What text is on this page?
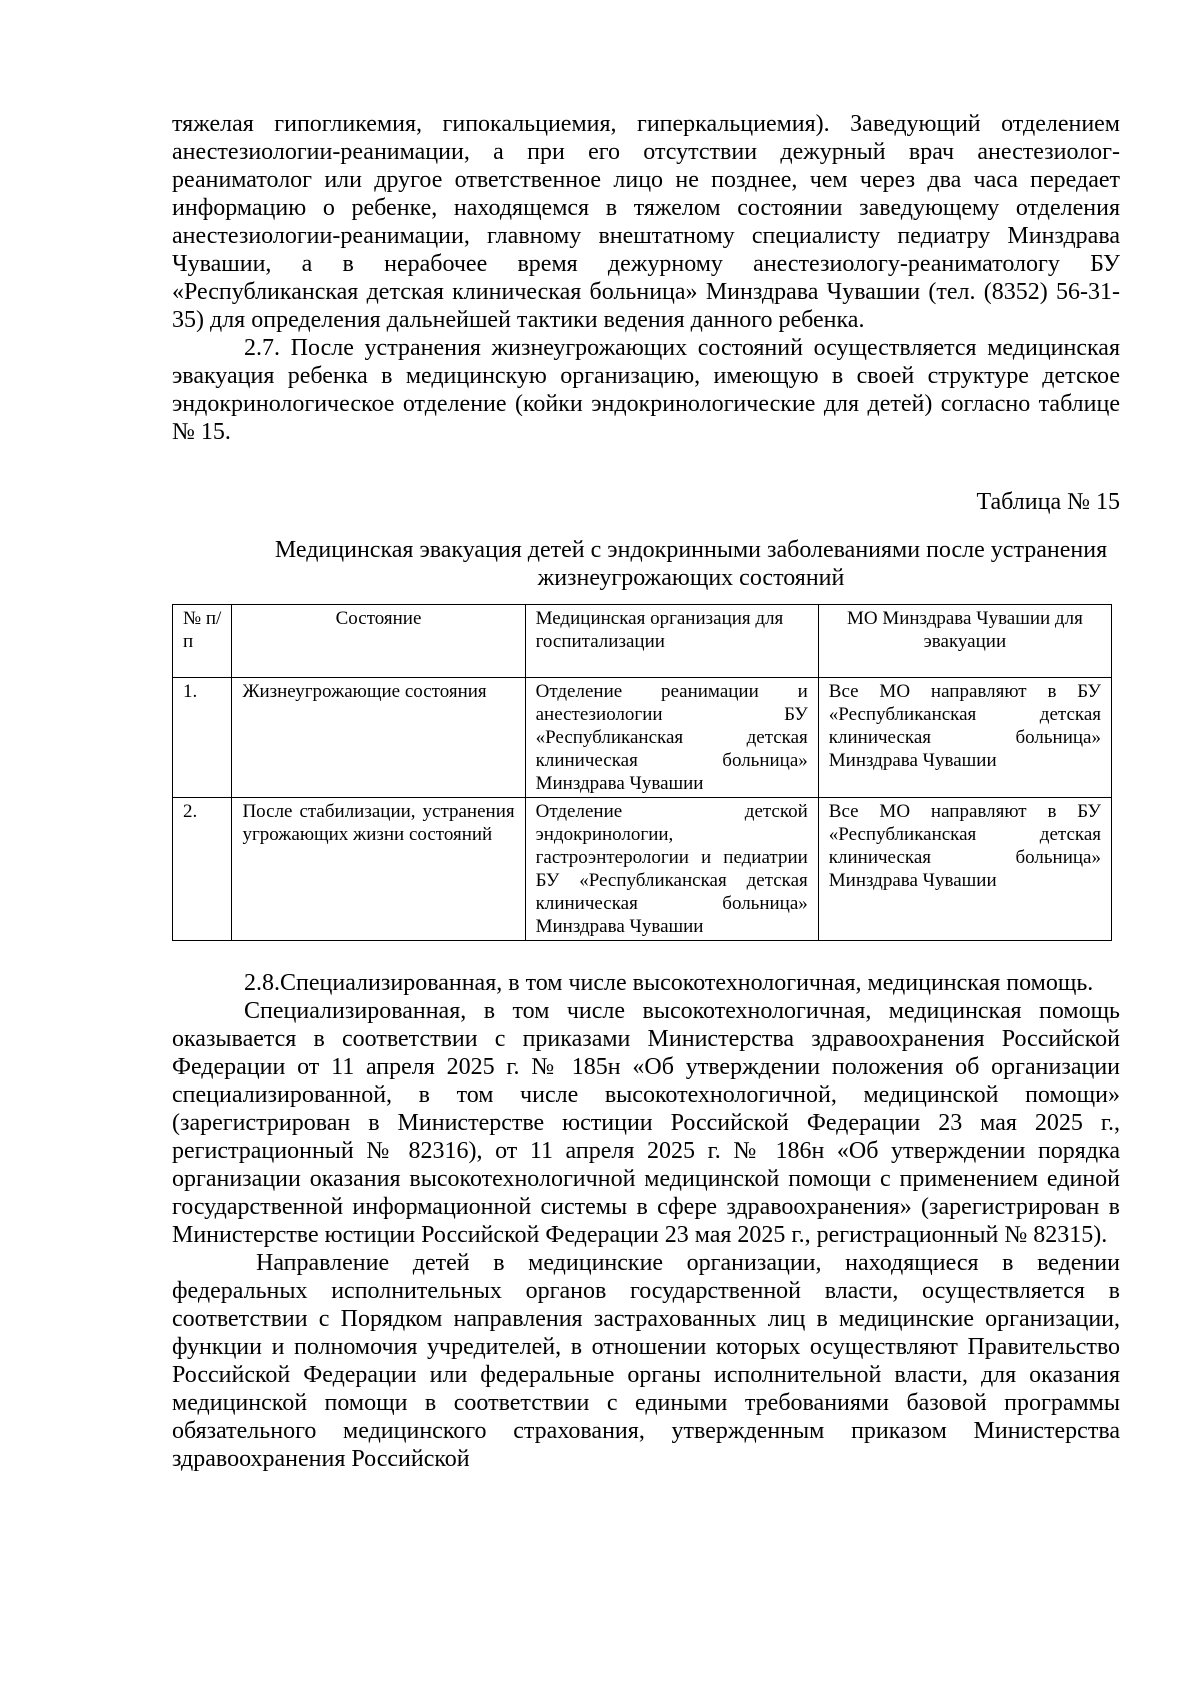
тяжелая гипогликемия, гипокальциемия, гиперкальциемия). Заведующий отделением анестезиологии-реанимации, а при его отсутствии дежурный врач анестезиолог-реаниматолог или другое ответственное лицо не позднее, чем через два часа передает информацию о ребенке, находящемся в тяжелом состоянии заведующему отделения анестезиологии-реанимации, главному внештатному специалисту педиатру Минздрава Чувашии, а в нерабочее время дежурному анестезиологу-реаниматологу БУ «Республиканская детская клиническая больница» Минздрава Чувашии (тел. (8352) 56-31-35) для определения дальнейшей тактики ведения данного ребенка.

2.7. После устранения жизнеугрожающих состояний осуществляется медицинская эвакуация ребенка в медицинскую организацию, имеющую в своей структуре детское эндокринологическое отделение (койки эндокринологические для детей) согласно таблице № 15.

Таблица № 15
Медицинская эвакуация детей с эндокринными заболеваниями после устранения жизнеугрожающих состояний
№ п/п	Состояние	Медицинская организация для госпитализации	МО Минздрава Чувашии для эвакуации
1.	Жизнеугрожающие состояния	Отделение реанимации и анестезиологии БУ «Республиканская детская клиническая больница» Минздрава Чувашии	Все МО направляют в БУ «Республиканская детская клиническая больница» Минздрава Чувашии
2.	После стабилизации, устранения угрожающих жизни состояний	Отделение детской эндокринологии, гастроэнтерологии и педиатрии БУ «Республиканская детская клиническая больница» Минздрава Чувашии	Все МО направляют в БУ «Республиканская детская клиническая больница» Минздрава Чувашии

2.8.Специализированная, в том числе высокотехнологичная, медицинская помощь.

Специализированная, в том числе высокотехнологичная, медицинская помощь оказывается в соответствии с приказами Министерства здравоохранения Российской Федерации от 11 апреля 2025 г. № 185н «Об утверждении положения об организации специализированной, в том числе высокотехнологичной, медицинской помощи» (зарегистрирован в Министерстве юстиции Российской Федерации 23 мая 2025 г., регистрационный № 82316), от 11 апреля 2025 г. № 186н «Об утверждении порядка организации оказания высокотехнологичной медицинской помощи с применением единой государственной информационной системы в сфере здравоохранения» (зарегистрирован в Министерстве юстиции Российской Федерации 23 мая 2025 г., регистрационный № 82315).

Направление детей в медицинские организации, находящиеся в ведении федеральных исполнительных органов государственной власти, осуществляется в соответствии с Порядком направления застрахованных лиц в медицинские организации, функции и полномочия учредителей, в отношении которых осуществляют Правительство Российской Федерации или федеральные органы исполнительной власти, для оказания медицинской помощи в соответствии с едиными требованиями базовой программы обязательного медицинского страхования, утвержденным приказом Министерства здравоохранения Российской
